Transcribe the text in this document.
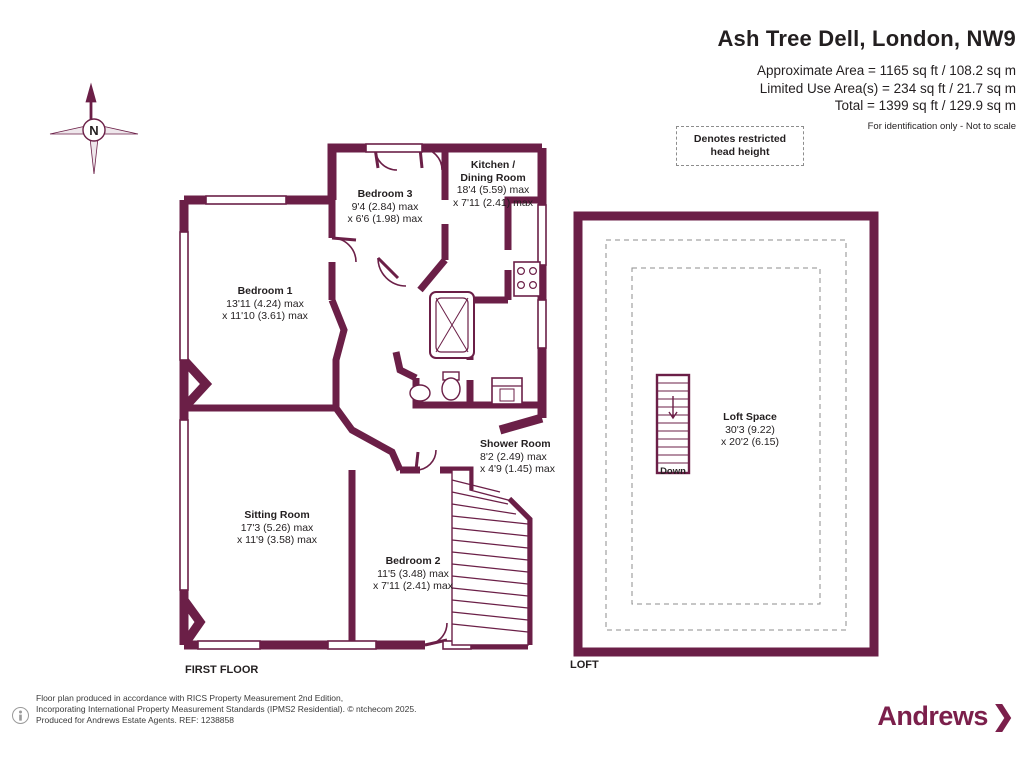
Ash Tree Dell, London, NW9
Approximate Area = 1165 sq ft / 108.2 sq m
Limited Use Area(s) = 234 sq ft / 21.7 sq m
Total = 1399 sq ft / 129.9 sq m
For identification only - Not to scale
Denotes restricted
head height
N
Bedroom 3
9'4 (2.84) max
x 6'6 (1.98) max
Kitchen /
Dining Room
18'4 (5.59) max
x 7'11 (2.41) max
Bedroom 1
13'11 (4.24) max
x 11'10 (3.61) max
Shower Room
8'2 (2.49) max
x 4'9 (1.45) max
Sitting Room
17'3 (5.26) max
x 11'9 (3.58) max
Bedroom 2
11'5 (3.48) max
x 7'11 (2.41) max
Loft Space
30'3 (9.22)
x 20'2 (6.15)
Down
FIRST FLOOR	LOFT
Floor plan produced in accordance with RICS Property Measurement 2nd Edition,
Incorporating International Property Measurement Standards (IPMS2 Residential). © ntchecom 2025.
Produced for Andrews Estate Agents. REF: 1238858	Andrews ❯
